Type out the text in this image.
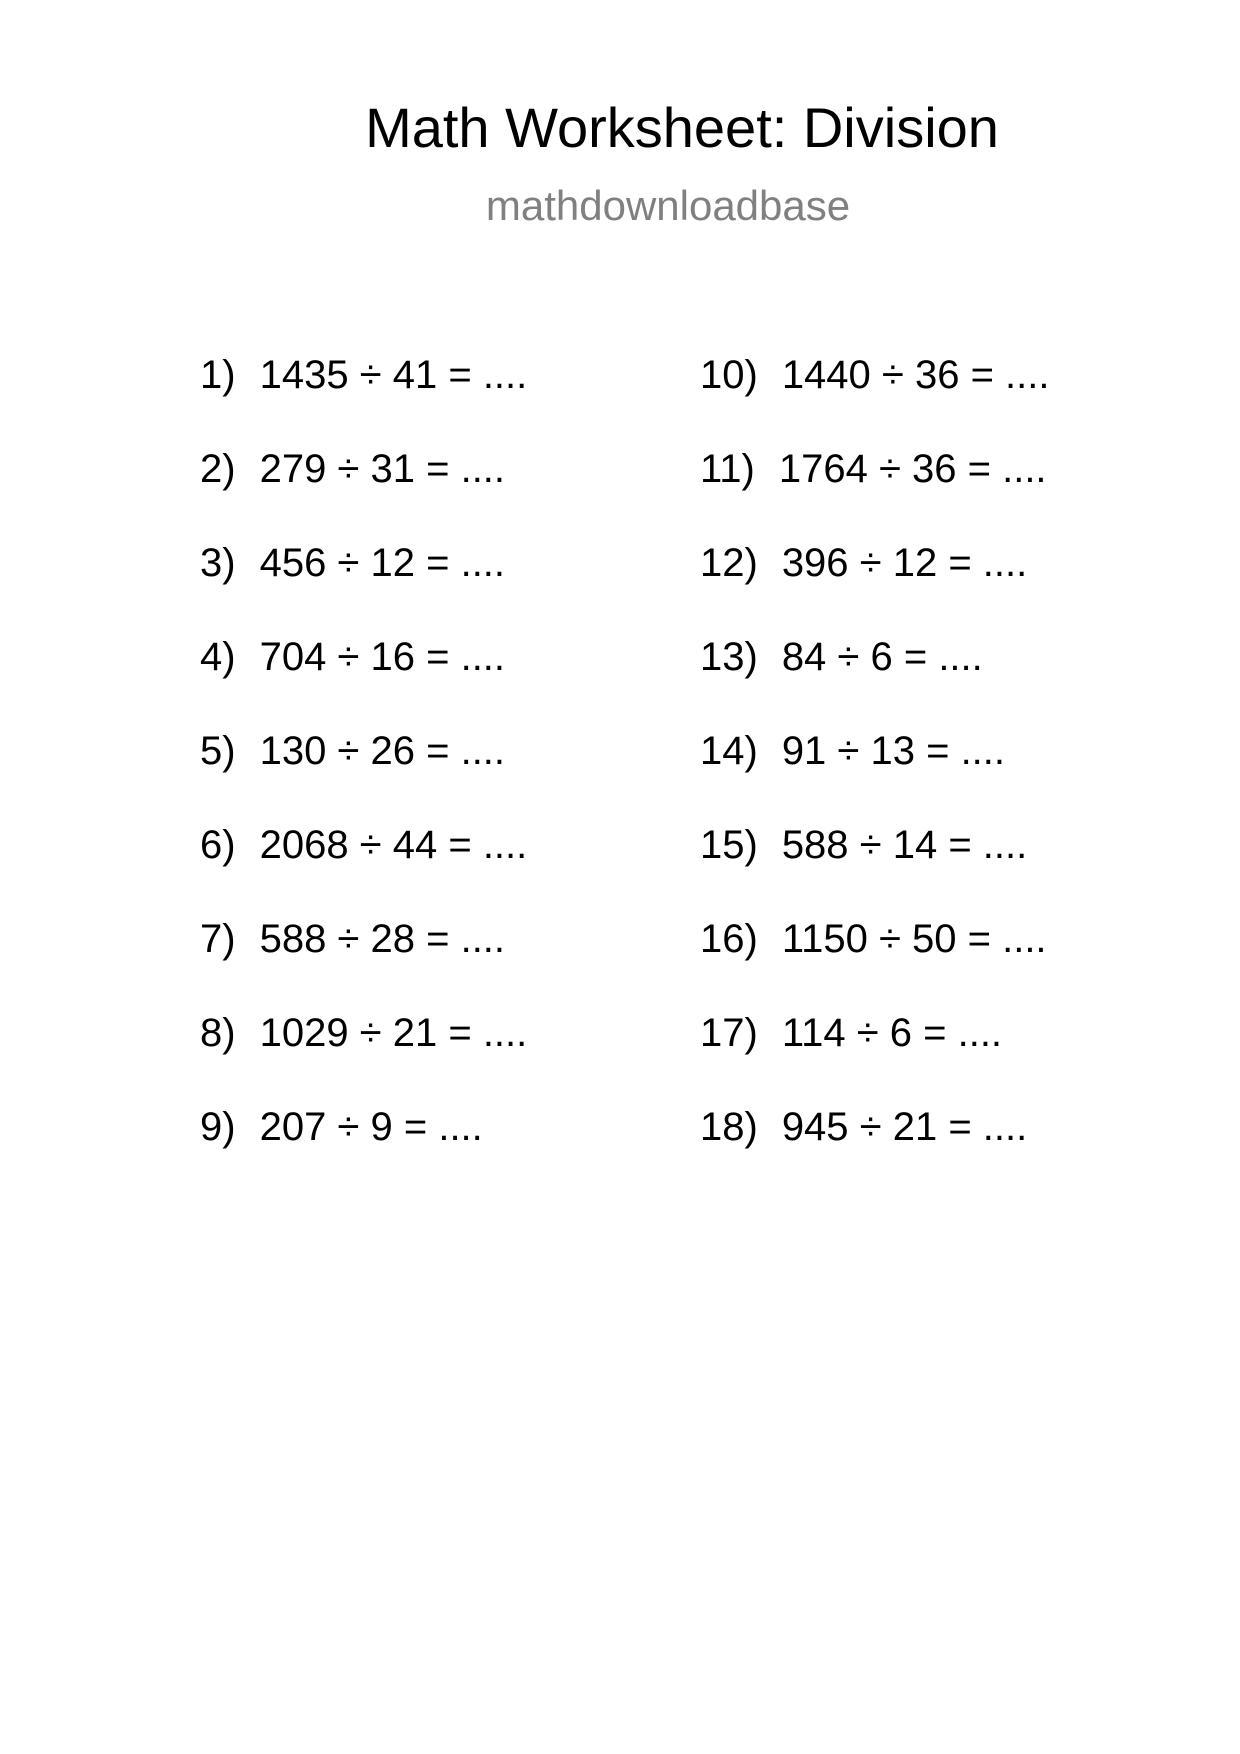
Math Worksheet: Division
mathdownloadbase
1) 1435 ÷ 41 = ....
2) 279 ÷ 31 = ....
3) 456 ÷ 12 = ....
4) 704 ÷ 16 = ....
5) 130 ÷ 26 = ....
6) 2068 ÷ 44 = ....
7) 588 ÷ 28 = ....
8) 1029 ÷ 21 = ....
9) 207 ÷ 9 = ....
10) 1440 ÷ 36 = ....
11) 1764 ÷ 36 = ....
12) 396 ÷ 12 = ....
13) 84 ÷ 6 = ....
14) 91 ÷ 13 = ....
15) 588 ÷ 14 = ....
16) 1150 ÷ 50 = ....
17) 114 ÷ 6 = ....
18) 945 ÷ 21 = ....
